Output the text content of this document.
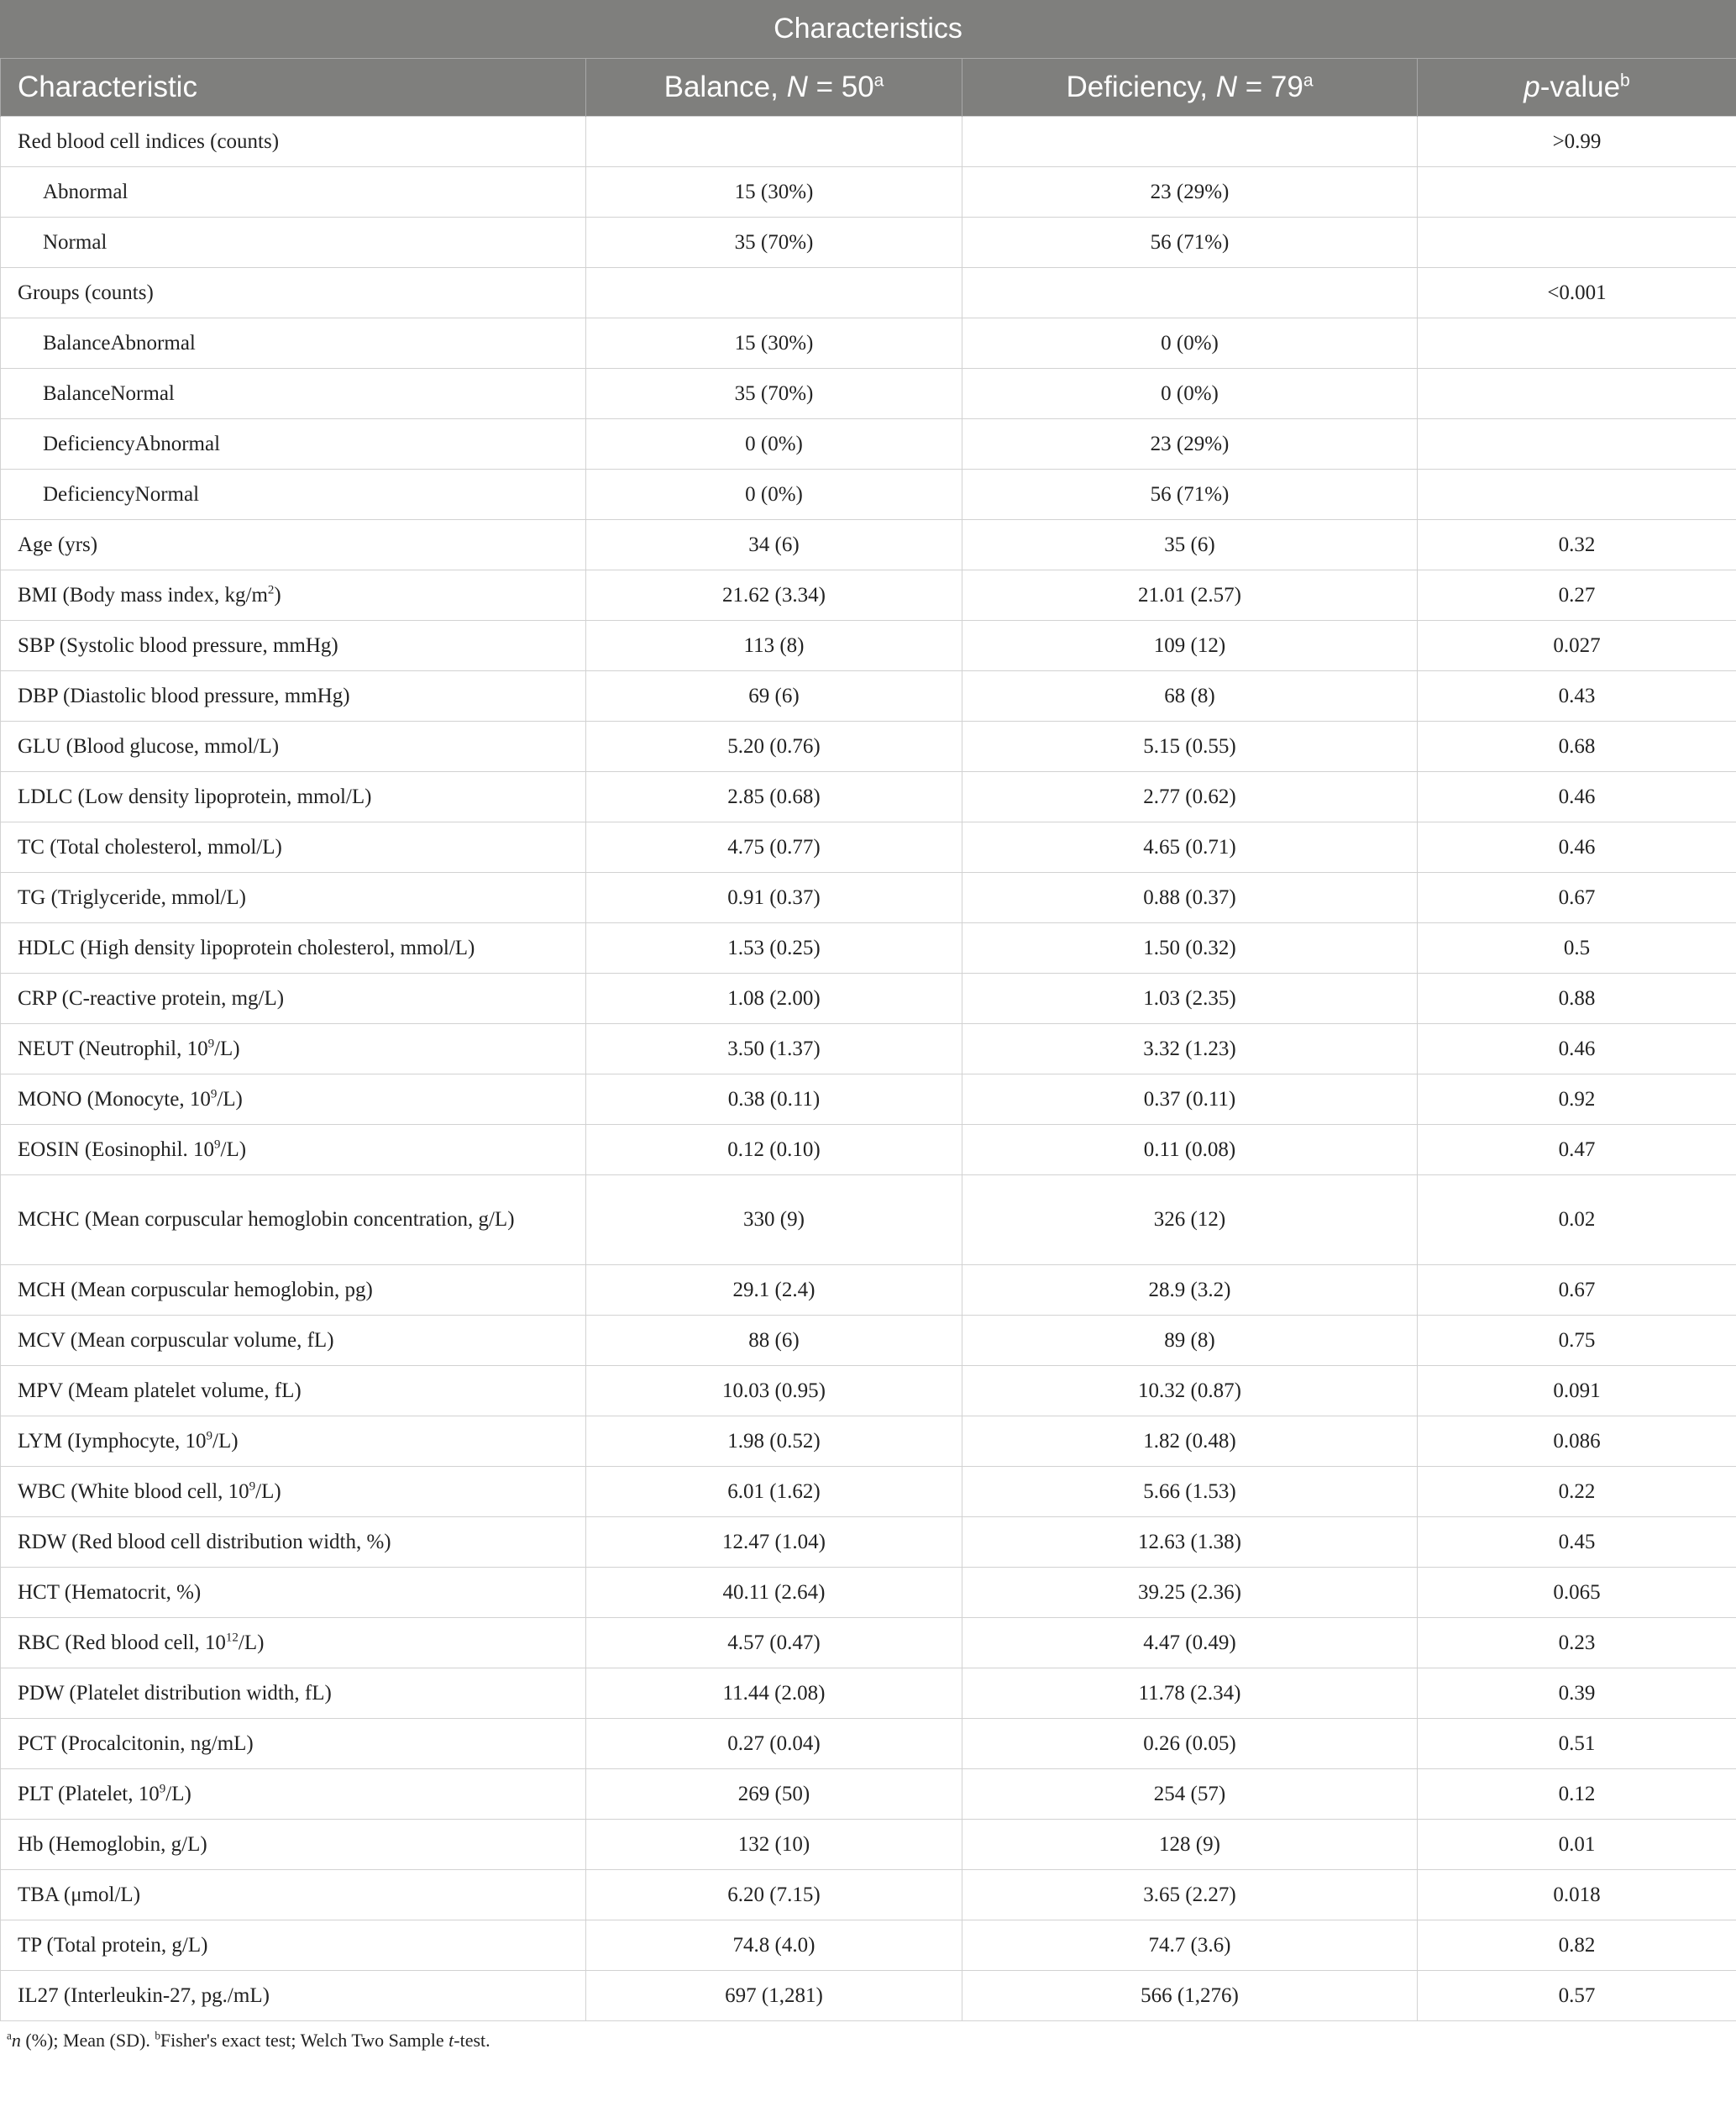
Characteristics
Characteristic	Balance, $N = 50^a$	Deficiency, $N = 79^a$	p-value$^b$
Red blood cell indices (counts)			>0.99
Abnormal	15 (30%)	23 (29%)	
Normal	35 (70%)	56 (71%)	
Groups (counts)			<0.001
BalanceAbnormal	15 (30%)	0 (0%)	
BalanceNormal	35 (70%)	0 (0%)	
DeficiencyAbnormal	0 (0%)	23 (29%)	
DeficiencyNormal	0 (0%)	56 (71%)	
Age (yrs)	34 (6)	35 (6)	0.32
BMI (Body mass index, $kg/m^2$)	21.62 (3.34)	21.01 (2.57)	0.27
SBP (Systolic blood pressure, mmHg)	113 (8)	109 (12)	0.027
DBP (Diastolic blood pressure, mmHg)	69 (6)	68 (8)	0.43
GLU (Blood glucose, mmol/L)	5.20 (0.76)	5.15 (0.55)	0.68
LDLC (Low density lipoprotein, mmol/L)	2.85 (0.68)	2.77 (0.62)	0.46
TC (Total cholesterol, mmol/L)	4.75 (0.77)	4.65 (0.71)	0.46
TG (Triglyceride, mmol/L)	0.91 (0.37)	0.88 (0.37)	0.67
HDLC (High density lipoprotein cholesterol, mmol/L)	1.53 (0.25)	1.50 (0.32)	0.5
CRP (C-reactive protein, mg/L)	1.08 (2.00)	1.03 (2.35)	0.88
NEUT (Neutrophil, $10^9/L$)	3.50 (1.37)	3.32 (1.23)	0.46
MONO (Monocyte, $10^9/L$)	0.38 (0.11)	0.37 (0.11)	0.92
EOSIN (Eosinophil. $10^9/L$)	0.12 (0.10)	0.11 (0.08)	0.47
MCHC (Mean corpuscular hemoglobin concentration, g/L)	330 (9)	326 (12)	0.02
MCH (Mean corpuscular hemoglobin, pg)	29.1 (2.4)	28.9 (3.2)	0.67
MCV (Mean corpuscular volume, fL)	88 (6)	89 (8)	0.75
MPV (Meam platelet volume, fL)	10.03 (0.95)	10.32 (0.87)	0.091
LYM (Iymphocyte, $10^9/L$)	1.98 (0.52)	1.82 (0.48)	0.086
WBC (White blood cell, $10^9/L$)	6.01 (1.62)	5.66 (1.53)	0.22
RDW (Red blood cell distribution width, %)	12.47 (1.04)	12.63 (1.38)	0.45
HCT (Hematocrit, %)	40.11 (2.64)	39.25 (2.36)	0.065
RBC (Red blood cell, $10^{12}/L$)	4.57 (0.47)	4.47 (0.49)	0.23
PDW (Platelet distribution width, fL)	11.44 (2.08)	11.78 (2.34)	0.39
PCT (Procalcitonin, ng/mL)	0.27 (0.04)	0.26 (0.05)	0.51
PLT (Platelet, $10^9/L$)	269 (50)	254 (57)	0.12
Hb (Hemoglobin, g/L)	132 (10)	128 (9)	0.01
TBA (μmol/L)	6.20 (7.15)	3.65 (2.27)	0.018
TP (Total protein, g/L)	74.8 (4.0)	74.7 (3.6)	0.82
IL27 (Interleukin-27, pg./mL)	697 (1,281)	566 (1,276)	0.57
$^a$n (%); Mean (SD). $^b$Fisher's exact test; Welch Two Sample t-test.
